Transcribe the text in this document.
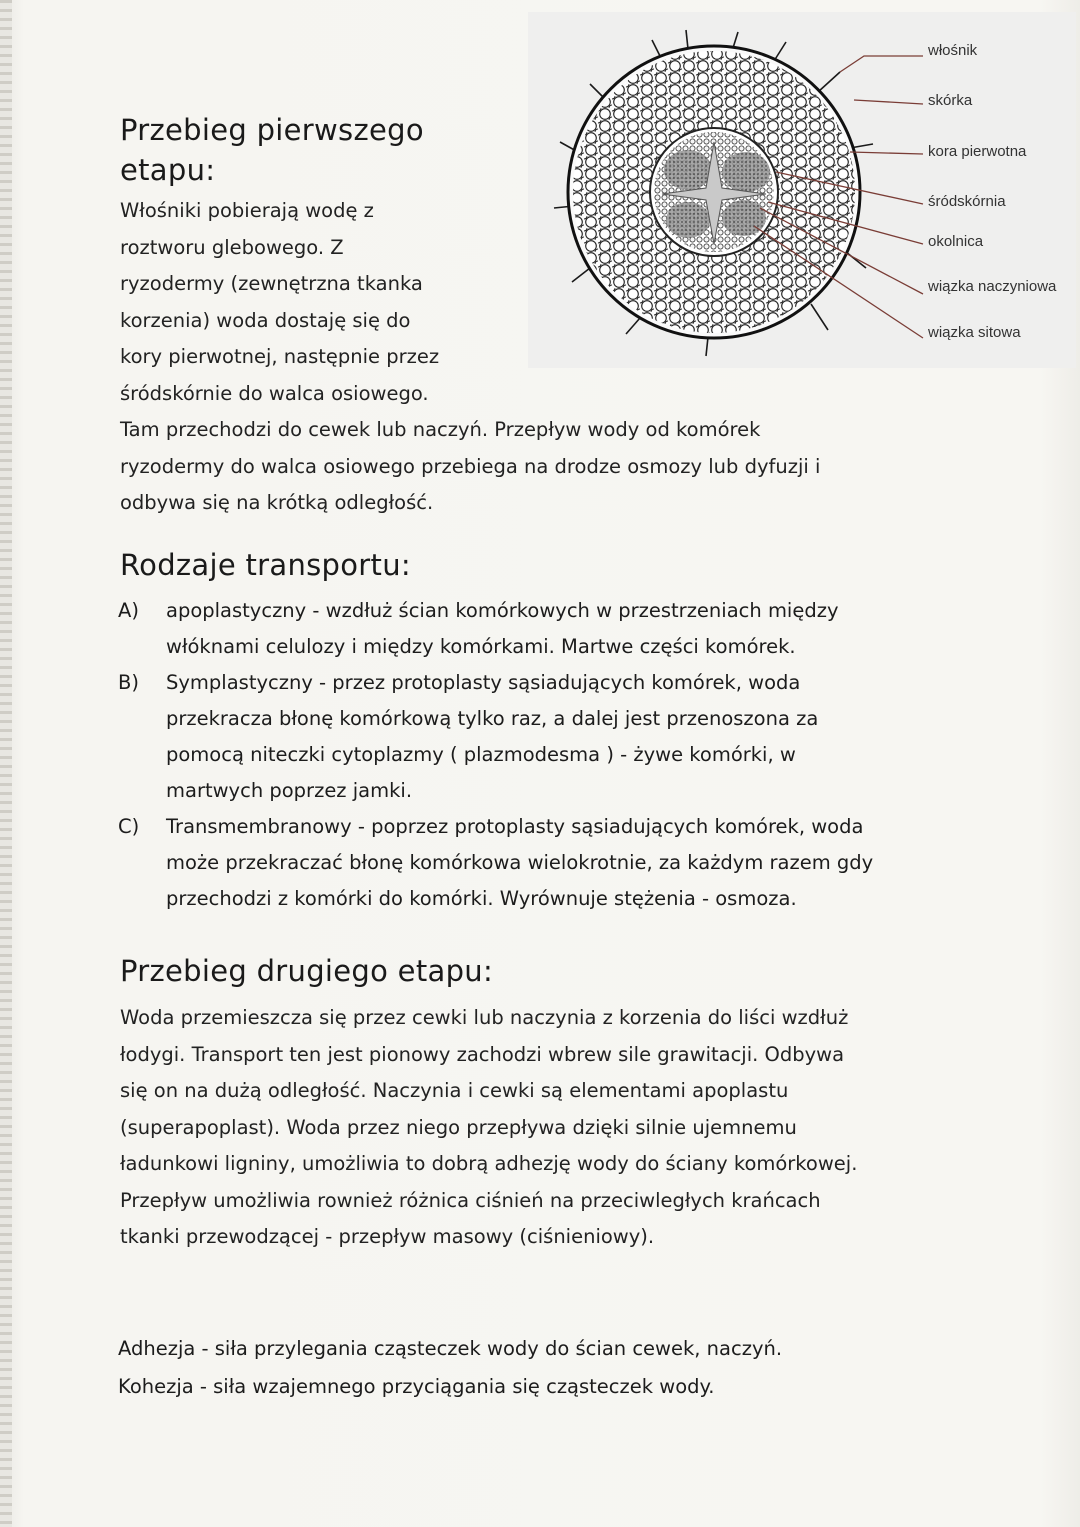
Przebieg pierwszego
etapu:

Włośniki pobierają wodę z
roztworu glebowego. Z
ryzodermy (zewnętrzna tkanka
korzenia) woda dostaję się do
kory pierwotnej, następnie przez
śródskórnie do walca osiowego.
Tam przechodzi do cewek lub naczyń. Przepływ wody od komórek
ryzodermy do walca osiowego przebiega na drodze osmozy lub dyfuzji i
odbywa się na krótką odległość.

włośnik
skórka
kora pierwotna
śródskórnia
okolnica
wiązka naczyniowa
wiązka sitowa
Rodzaje transportu:
A) apoplastyczny - wzdłuż ścian komórkowych w przestrzeniach między
włóknami celulozy i między komórkami. Martwe części komórek.
B) Symplastyczny - przez protoplasty sąsiadujących komórek, woda
przekracza błonę komórkową tylko raz, a dalej jest przenoszona za
pomocą niteczki cytoplazmy ( plazmodesma ) - żywe komórki, w
martwych poprzez jamki.
C) Transmembranowy - poprzez protoplasty sąsiadujących komórek, woda
może przekraczać błonę komórkowa wielokrotnie, za każdym razem gdy
przechodzi z komórki do komórki. Wyrównuje stężenia - osmoza.
Przebieg drugiego etapu:

Woda przemieszcza się przez cewki lub naczynia z korzenia do liści wzdłuż
łodygi. Transport ten jest pionowy zachodzi wbrew sile grawitacji. Odbywa
się on na dużą odległość. Naczynia i cewki są elementami apoplastu
(superapoplast). Woda przez niego przepływa dzięki silnie ujemnemu
ładunkowi ligniny, umożliwia to dobrą adhezję wody do ściany komórkowej.
Przepływ umożliwia rownież różnica ciśnień na przeciwległych krańcach
tkanki przewodzącej - przepływ masowy (ciśnieniowy).

Adhezja - siła przylegania cząsteczek wody do ścian cewek, naczyń.
Kohezja - siła wzajemnego przyciągania się cząsteczek wody.
